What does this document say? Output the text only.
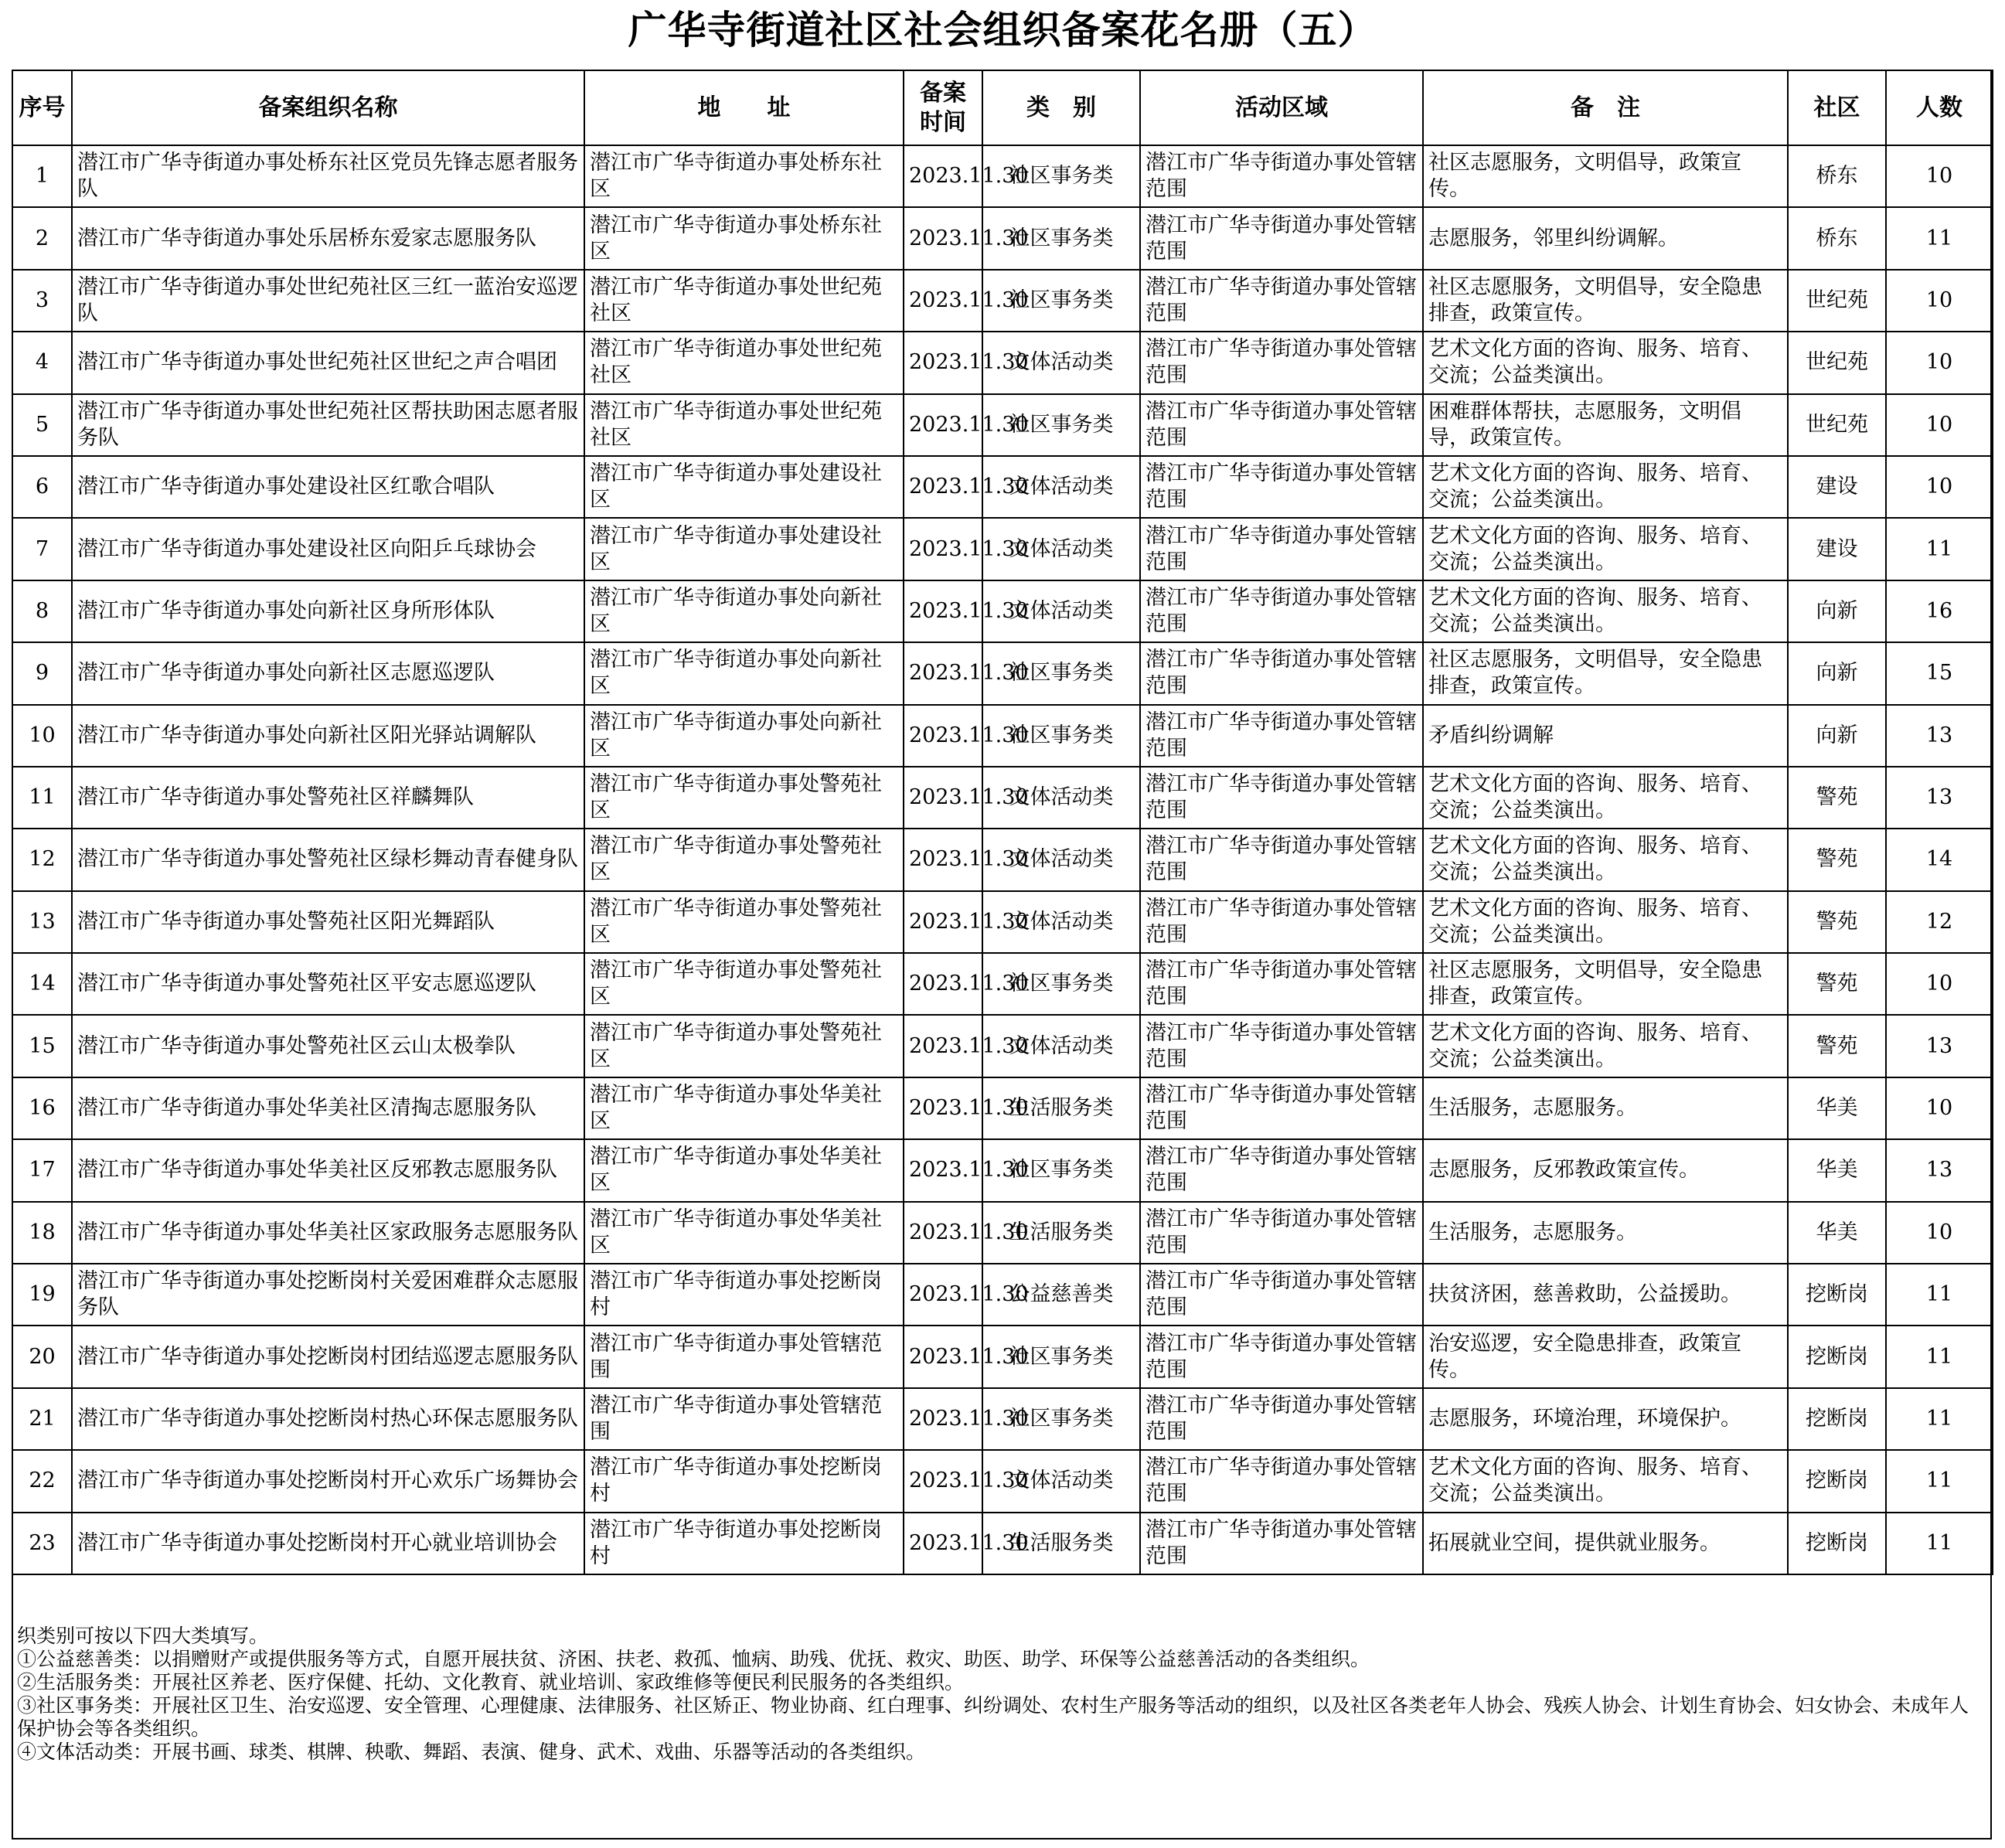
广华寺街道社区社会组织备案花名册（五）
序号	备案组织名称	地　　址	备案时间	类　别	活动区域	备　注	社区	人数
1	潜江市广华寺街道办事处桥东社区党员先锋志愿者服务队	潜江市广华寺街道办事处桥东社区	2023.11.30	社区事务类	潜江市广华寺街道办事处管辖范围	社区志愿服务，文明倡导，政策宣传。	桥东	10
2	潜江市广华寺街道办事处乐居桥东爱家志愿服务队	潜江市广华寺街道办事处桥东社区	2023.11.30	社区事务类	潜江市广华寺街道办事处管辖范围	志愿服务，邻里纠纷调解。	桥东	11
3	潜江市广华寺街道办事处世纪苑社区三红一蓝治安巡逻队	潜江市广华寺街道办事处世纪苑社区	2023.11.30	社区事务类	潜江市广华寺街道办事处管辖范围	社区志愿服务，文明倡导，安全隐患排查，政策宣传。	世纪苑	10
4	潜江市广华寺街道办事处世纪苑社区世纪之声合唱团	潜江市广华寺街道办事处世纪苑社区	2023.11.30	文体活动类	潜江市广华寺街道办事处管辖范围	艺术文化方面的咨询、服务、培育、交流；公益类演出。	世纪苑	10
5	潜江市广华寺街道办事处世纪苑社区帮扶助困志愿者服务队	潜江市广华寺街道办事处世纪苑社区	2023.11.30	社区事务类	潜江市广华寺街道办事处管辖范围	困难群体帮扶，志愿服务，文明倡导，政策宣传。	世纪苑	10
6	潜江市广华寺街道办事处建设社区红歌合唱队	潜江市广华寺街道办事处建设社区	2023.11.30	文体活动类	潜江市广华寺街道办事处管辖范围	艺术文化方面的咨询、服务、培育、交流；公益类演出。	建设	10
7	潜江市广华寺街道办事处建设社区向阳乒乓球协会	潜江市广华寺街道办事处建设社区	2023.11.30	文体活动类	潜江市广华寺街道办事处管辖范围	艺术文化方面的咨询、服务、培育、交流；公益类演出。	建设	11
8	潜江市广华寺街道办事处向新社区身所形体队	潜江市广华寺街道办事处向新社区	2023.11.30	文体活动类	潜江市广华寺街道办事处管辖范围	艺术文化方面的咨询、服务、培育、交流；公益类演出。	向新	16
9	潜江市广华寺街道办事处向新社区志愿巡逻队	潜江市广华寺街道办事处向新社区	2023.11.30	社区事务类	潜江市广华寺街道办事处管辖范围	社区志愿服务，文明倡导，安全隐患排查，政策宣传。	向新	15
10	潜江市广华寺街道办事处向新社区阳光驿站调解队	潜江市广华寺街道办事处向新社区	2023.11.30	社区事务类	潜江市广华寺街道办事处管辖范围	矛盾纠纷调解	向新	13
11	潜江市广华寺街道办事处警苑社区祥麟舞队	潜江市广华寺街道办事处警苑社区	2023.11.30	文体活动类	潜江市广华寺街道办事处管辖范围	艺术文化方面的咨询、服务、培育、交流；公益类演出。	警苑	13
12	潜江市广华寺街道办事处警苑社区绿杉舞动青春健身队	潜江市广华寺街道办事处警苑社区	2023.11.30	文体活动类	潜江市广华寺街道办事处管辖范围	艺术文化方面的咨询、服务、培育、交流；公益类演出。	警苑	14
13	潜江市广华寺街道办事处警苑社区阳光舞蹈队	潜江市广华寺街道办事处警苑社区	2023.11.30	文体活动类	潜江市广华寺街道办事处管辖范围	艺术文化方面的咨询、服务、培育、交流；公益类演出。	警苑	12
14	潜江市广华寺街道办事处警苑社区平安志愿巡逻队	潜江市广华寺街道办事处警苑社区	2023.11.30	社区事务类	潜江市广华寺街道办事处管辖范围	社区志愿服务，文明倡导，安全隐患排查，政策宣传。	警苑	10
15	潜江市广华寺街道办事处警苑社区云山太极拳队	潜江市广华寺街道办事处警苑社区	2023.11.30	文体活动类	潜江市广华寺街道办事处管辖范围	艺术文化方面的咨询、服务、培育、交流；公益类演出。	警苑	13
16	潜江市广华寺街道办事处华美社区清掏志愿服务队	潜江市广华寺街道办事处华美社区	2023.11.30	生活服务类	潜江市广华寺街道办事处管辖范围	生活服务，志愿服务。	华美	10
17	潜江市广华寺街道办事处华美社区反邪教志愿服务队	潜江市广华寺街道办事处华美社区	2023.11.30	社区事务类	潜江市广华寺街道办事处管辖范围	志愿服务，反邪教政策宣传。	华美	13
18	潜江市广华寺街道办事处华美社区家政服务志愿服务队	潜江市广华寺街道办事处华美社区	2023.11.30	生活服务类	潜江市广华寺街道办事处管辖范围	生活服务，志愿服务。	华美	10
19	潜江市广华寺街道办事处挖断岗村关爱困难群众志愿服务队	潜江市广华寺街道办事处挖断岗村	2023.11.30	公益慈善类	潜江市广华寺街道办事处管辖范围	扶贫济困，慈善救助，公益援助。	挖断岗	11
20	潜江市广华寺街道办事处挖断岗村团结巡逻志愿服务队	潜江市广华寺街道办事处管辖范围	2023.11.30	社区事务类	潜江市广华寺街道办事处管辖范围	治安巡逻，安全隐患排查，政策宣传。	挖断岗	11
21	潜江市广华寺街道办事处挖断岗村热心环保志愿服务队	潜江市广华寺街道办事处管辖范围	2023.11.30	社区事务类	潜江市广华寺街道办事处管辖范围	志愿服务，环境治理，环境保护。	挖断岗	11
22	潜江市广华寺街道办事处挖断岗村开心欢乐广场舞协会	潜江市广华寺街道办事处挖断岗村	2023.11.30	文体活动类	潜江市广华寺街道办事处管辖范围	艺术文化方面的咨询、服务、培育、交流；公益类演出。	挖断岗	11
23	潜江市广华寺街道办事处挖断岗村开心就业培训协会	潜江市广华寺街道办事处挖断岗村	2023.11.30	生活服务类	潜江市广华寺街道办事处管辖范围	拓展就业空间，提供就业服务。	挖断岗	11
织类别可按以下四大类填写。
①公益慈善类：以捐赠财产或提供服务等方式，自愿开展扶贫、济困、扶老、救孤、恤病、助残、优抚、救灾、助医、助学、环保等公益慈善活动的各类组织。
②生活服务类：开展社区养老、医疗保健、托幼、文化教育、就业培训、家政维修等便民利民服务的各类组织。
③社区事务类：开展社区卫生、治安巡逻、安全管理、心理健康、法律服务、社区矫正、物业协商、红白理事、纠纷调处、农村生产服务等活动的组织，以及社区各类老年人协会、残疾人协会、计划生育协会、妇女协会、未成年人保护协会等各类组织。
④文体活动类：开展书画、球类、棋牌、秧歌、舞蹈、表演、健身、武术、戏曲、乐器等活动的各类组织。
